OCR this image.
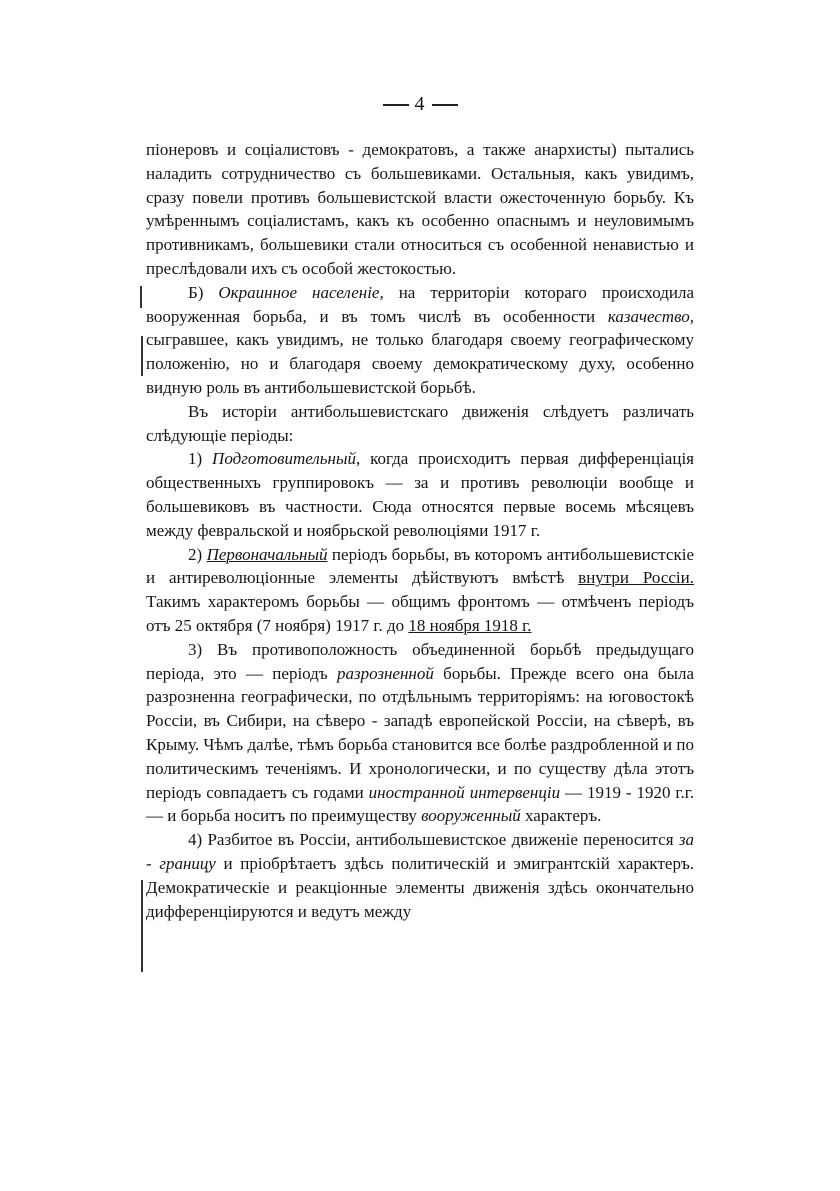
4

піонеровъ и соціалистовъ - демократовъ, а также анархисты) пытались наладить сотрудничество съ большевиками. Остальныя, какъ увидимъ, сразу повели противъ большевистской власти ожесточенную борьбу. Къ умѣреннымъ соціалистамъ, какъ къ особенно опаснымъ и неуловимымъ противникамъ, большевики стали относиться съ особенной ненавистью и преслѣдовали ихъ съ особой жестокостью.

Б) Окраинное населеніе, на территоріи котораго происходила вооруженная борьба, и въ томъ числѣ въ особенности казачество, сыгравшее, какъ увидимъ, не только благодаря своему географическому положенію, но и благодаря своему демократическому духу, особенно видную роль въ антибольшевистской борьбѣ.

Въ исторіи антибольшевистскаго движенія слѣдуетъ различать слѣдующіе періоды:

1) Подготовительный, когда происходитъ первая дифференціація общественныхъ группировокъ — за и противъ революціи вообще и большевиковъ въ частности. Сюда относятся первые восемь мѣсяцевъ между февральской и ноябрьской революціями 1917 г.

2) Первоначальный періодъ борьбы, въ которомъ антибольшевистскіе и антиреволюціонные элементы дѣйствуютъ вмѣстѣ внутри Россіи. Такимъ характеромъ борьбы — общимъ фронтомъ — отмѣченъ періодъ отъ 25 октября (7 ноября) 1917 г. до 18 ноября 1918 г.

3) Въ противоположность объединенной борьбѣ предыдущаго періода, это — періодъ разрозненной борьбы. Прежде всего она была разрозненна географически, по отдѣльнымъ территоріямъ: на юговостокѣ Россіи, въ Сибири, на сѣверо - западѣ европейской Россіи, на сѣверѣ, въ Крыму. Чѣмъ далѣе, тѣмъ борьба становится все болѣе раздробленной и по политическимъ теченіямъ. И хронологически, и по существу дѣла этотъ періодъ совпадаетъ съ годами иностранной интервенціи — 1919 - 1920 г.г. — и борьба носитъ по преимуществу вооруженный характеръ.

4) Разбитое въ Россіи, антибольшевистское движеніе переносится за - границу и пріобрѣтаетъ здѣсь политическій и эмигрантскій характеръ. Демократическіе и реакціонные элементы движенія здѣсь окончательно дифференціируются и ведутъ между
